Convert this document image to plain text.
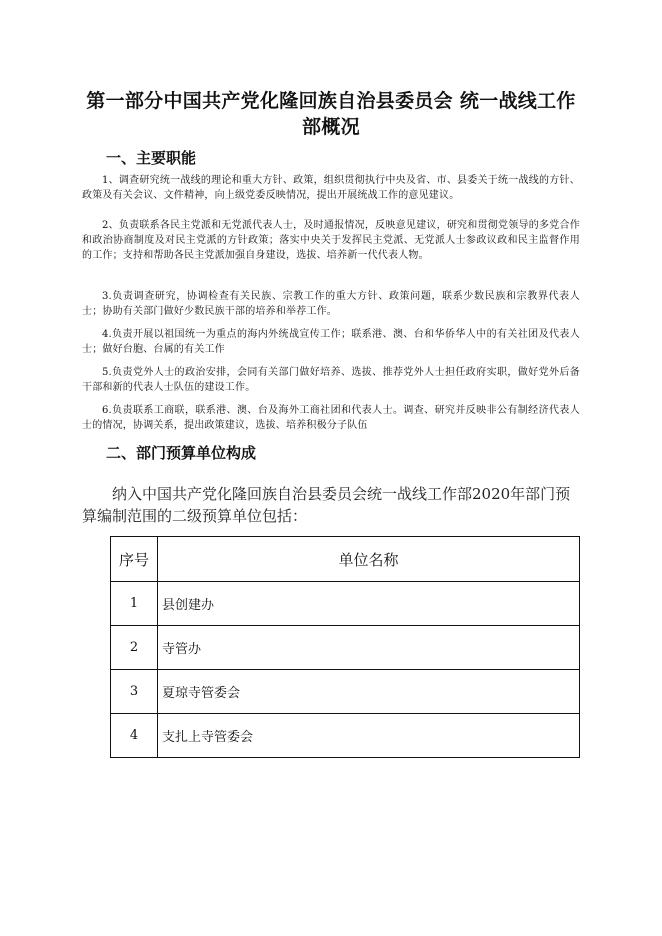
第一部分中国共产党化隆回族自治县委员会 统一战线工作部概况
一、主要职能
1、调查研究统一战线的理论和重大方针、政策，组织贯彻执行中央及省、市、县委关于统一战线的方针、政策及有关会议、文件精神，向上级党委反映情况，提出开展统战工作的意见建议。
2、负责联系各民主党派和无党派代表人士，及时通报情况，反映意见建议，研究和贯彻党领导的多党合作和政治协商制度及对民主党派的方针政策；落实中央关于发挥民主党派、无党派人士参政议政和民主监督作用的工作；支持和帮助各民主党派加强自身建设，选拔、培养新一代代表人物。
3.负责调查研究，协调检查有关民族、宗教工作的重大方针、政策问题，联系少数民族和宗教界代表人士；协助有关部门做好少数民族干部的培养和举荐工作。
4.负责开展以祖国统一为重点的海内外统战宣传工作；联系港、澳、台和华侨华人中的有关社团及代表人士；做好台胞、台属的有关工作
5.负责党外人士的政治安排，会同有关部门做好培养、选拔、推荐党外人士担任政府实职，做好党外后备干部和新的代表人士队伍的建设工作。
6.负责联系工商联，联系港、澳、台及海外工商社团和代表人士。调查、研究并反映非公有制经济代表人士的情况，协调关系，提出政策建议，选拔、培养积极分子队伍
二、部门预算单位构成
纳入中国共产党化隆回族自治县委员会统一战线工作部2020年部门预算编制范围的二级预算单位包括：
序号	单位名称
1	县创建办
2	寺管办
3	夏琼寺管委会
4	支扎上寺管委会
